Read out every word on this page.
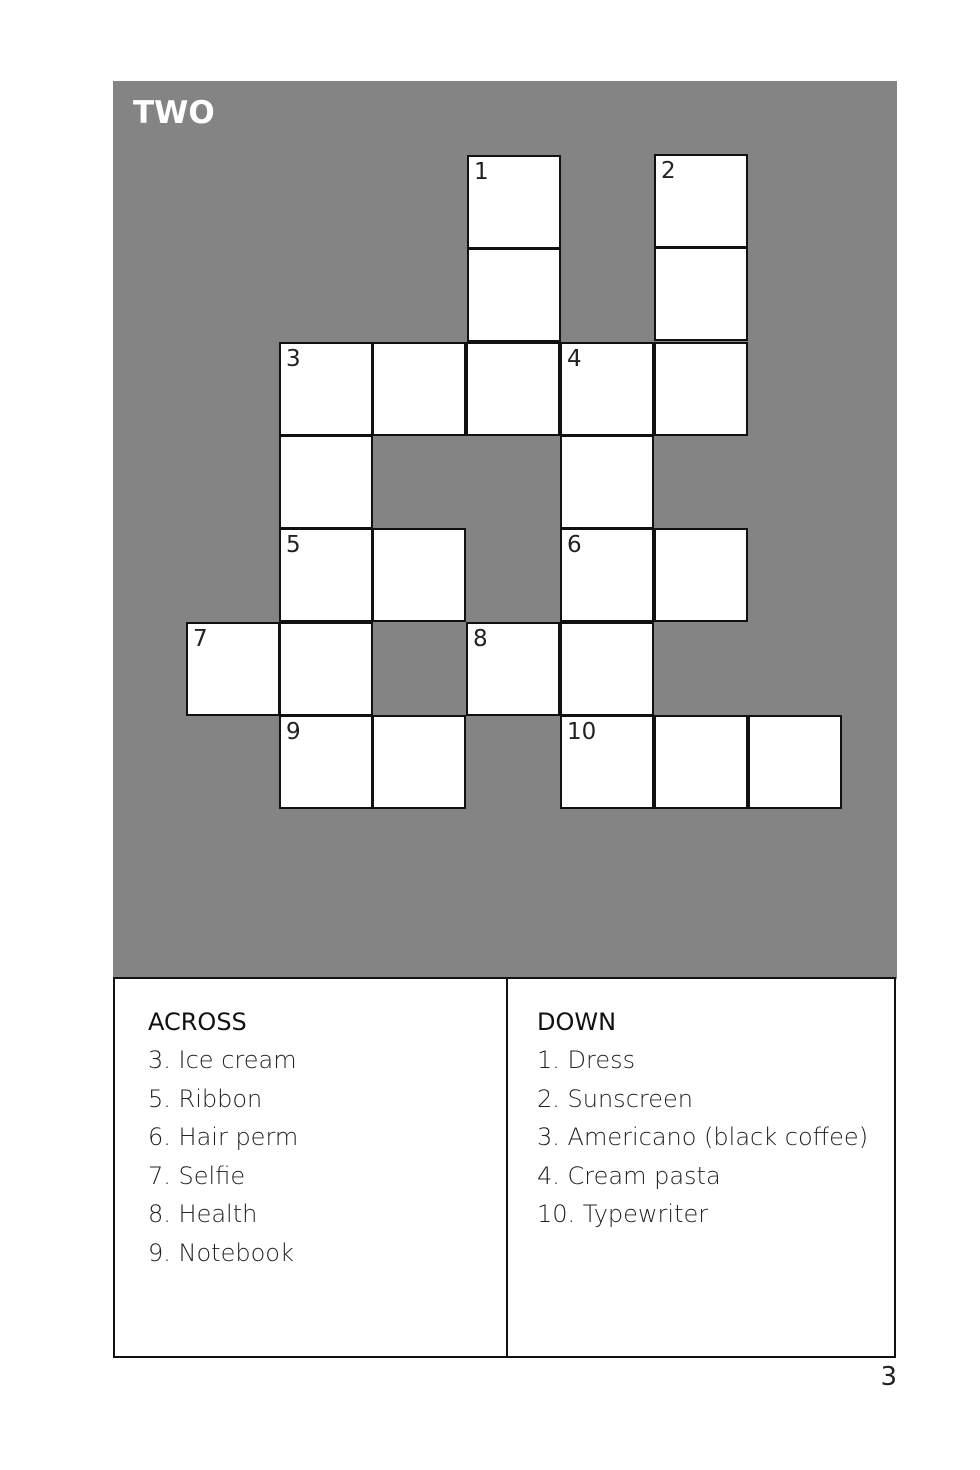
TWO
1	2
3	4
5	6
7	8
9	10
ACROSS
3. Ice cream
5. Ribbon
6. Hair perm
7. Selfie
8. Health
9. Notebook
DOWN
1. Dress
2. Sunscreen
3. Americano (black coffee)
4. Cream pasta
10. Typewriter
3
